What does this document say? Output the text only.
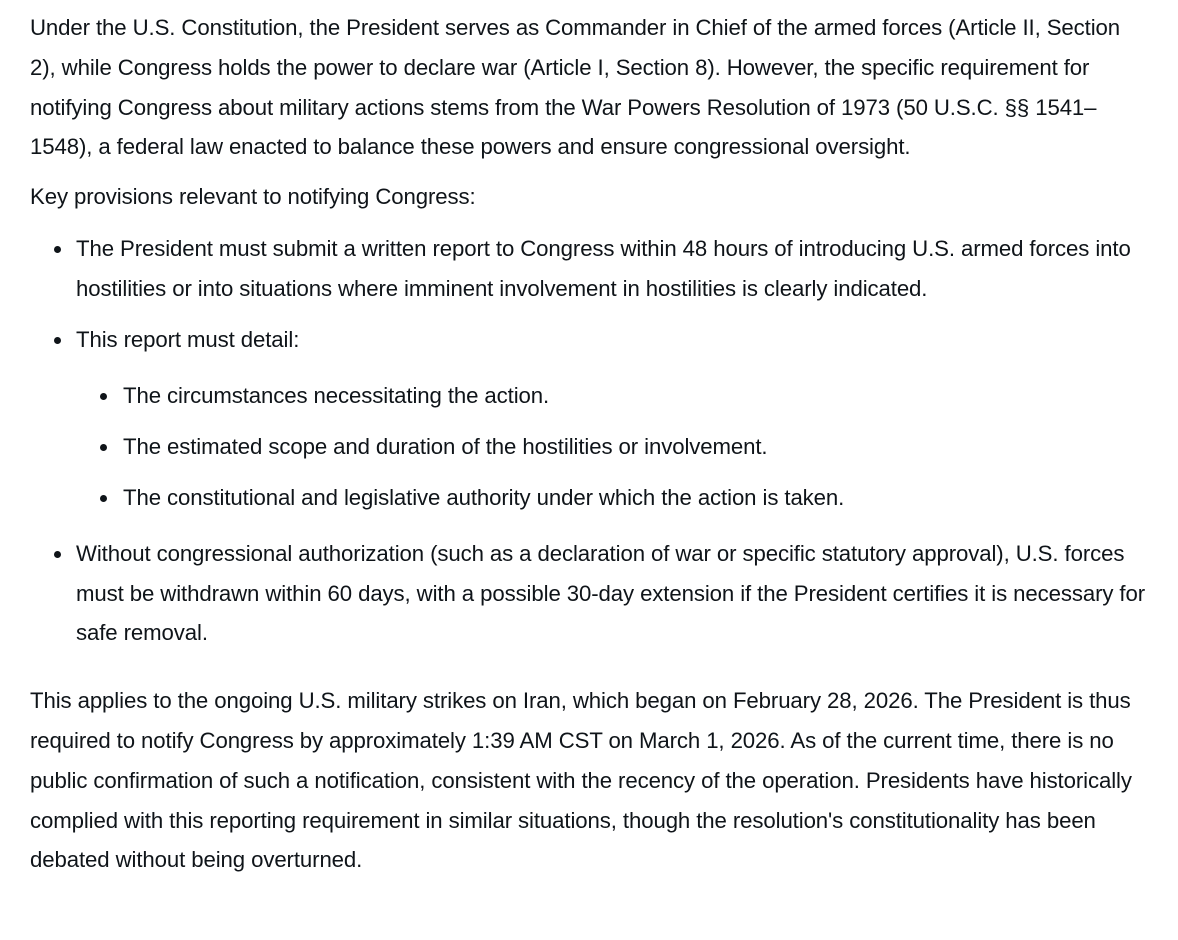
Under the U.S. Constitution, the President serves as Commander in Chief of the armed forces (Article II, Section 2), while Congress holds the power to declare war (Article I, Section 8). However, the specific requirement for notifying Congress about military actions stems from the War Powers Resolution of 1973 (50 U.S.C. §§ 1541–1548), a federal law enacted to balance these powers and ensure congressional oversight.

Key provisions relevant to notifying Congress:

The President must submit a written report to Congress within 48 hours of introducing U.S. armed forces into hostilities or into situations where imminent involvement in hostilities is clearly indicated.
This report must detail:
The circumstances necessitating the action.
The estimated scope and duration of the hostilities or involvement.
The constitutional and legislative authority under which the action is taken.
Without congressional authorization (such as a declaration of war or specific statutory approval), U.S. forces must be withdrawn within 60 days, with a possible 30-day extension if the President certifies it is necessary for safe removal.

This applies to the ongoing U.S. military strikes on Iran, which began on February 28, 2026. The President is thus required to notify Congress by approximately 1:39 AM CST on March 1, 2026. As of the current time, there is no public confirmation of such a notification, consistent with the recency of the operation. Presidents have historically complied with this reporting requirement in similar situations, though the resolution's constitutionality has been debated without being overturned.
